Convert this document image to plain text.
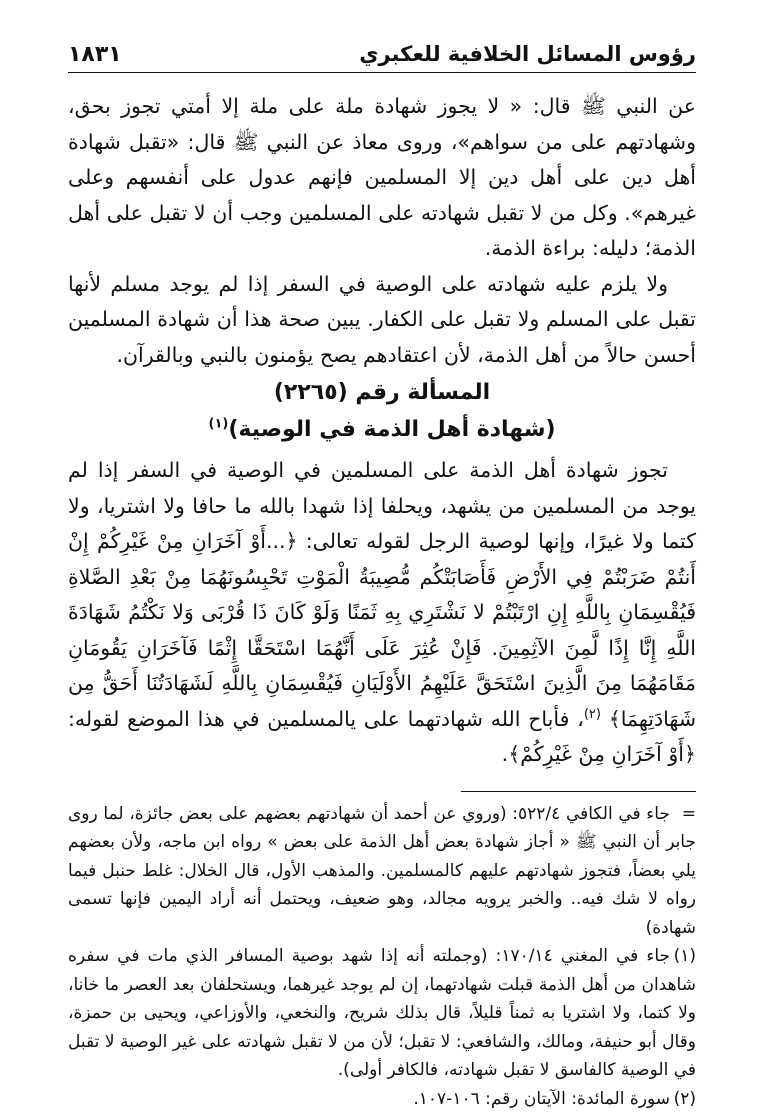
رؤوس المسائل الخلافية للعكبري
١٨٣١

عن النبي ﷺ قال: « لا يجوز شهادة ملة على ملة إلا أمتي تجوز بحق، وشهادتهم على من سواهم»، وروى معاذ عن النبي ﷺ قال: «تقبل شهادة أهل دين على أهل دين إلا المسلمين فإنهم عدول على أنفسهم وعلى غيرهم». وكل من لا تقبل شهادته على المسلمين وجب أن لا تقبل على أهل الذمة؛ دليله: براءة الذمة.

ولا يلزم عليه شهادته على الوصية في السفر إذا لم يوجد مسلم لأنها تقبل على المسلم ولا تقبل على الكفار. يبين صحة هذا أن شهادة المسلمين أحسن حالاً من أهل الذمة، لأن اعتقادهم يصح يؤمنون بالنبي وبالقرآن.

المسألة رقم (٢٢٦٥)
(شهادة أهل الذمة في الوصية)$^{(١)}$

تجوز شهادة أهل الذمة على المسلمين في الوصية في السفر إذا لم يوجد من المسلمين من يشهد، ويحلفا إذا شهدا بالله ما حافا ولا اشتريا، ولا كتما ولا غيرًا، وإنها لوصية الرجل لقوله تعالى: ﴿...أَوْ آخَرَانِ مِنْ غَيْرِكُمْ إِنْ أَنتُمْ ضَرَبْتُمْ فِي الأَرْضِ فَأَصَابَتْكُم مُّصِيبَةُ الْمَوْتِ تَحْبِسُونَهُمَا مِنْ بَعْدِ الصَّلاةِ فَيُقْسِمَانِ بِاللَّهِ إِنِ ارْتَبْتُمْ لا نَشْتَرِي بِهِ ثَمَنًا وَلَوْ كَانَ ذَا قُرْبَى وَلا نَكْتُمُ شَهَادَةَ اللَّهِ إِنَّا إِذًا لَّمِنَ الآثِمِينَ. فَإِنْ عُثِرَ عَلَى أَنَّهُمَا اسْتَحَقَّا إِثْمًا فَآخَرَانِ يَقُومَانِ مَقَامَهُمَا مِنَ الَّذِينَ اسْتَحَقَّ عَلَيْهِمُ الأَوْلَيَانِ فَيُقْسِمَانِ بِاللَّهِ لَشَهَادَتُنَا أَحَقُّ مِن شَهَادَتِهِمَا﴾ $^{(٢)}$، فأباح الله شهادتهما على يالمسلمين في هذا الموضع لقوله: ﴿أَوْ آخَرَانِ مِنْ غَيْرِكُمْ﴾.

=جاء في الكافي ٥٢٢/٤: (وروي عن أحمد أن شهادتهم بعضهم على بعض جائزة، لما روى جابر أن النبي ﷺ « أجاز شهادة بعض أهل الذمة على بعض » رواه ابن ماجه، ولأن بعضهم يلي بعضاً، فتجوز شهادتهم عليهم كالمسلمين. والمذهب الأول، قال الخلال: غلط حنبل فيما رواه لا شك فيه.. والخبر يرويه مجالد، وهو ضعيف، ويحتمل أنه أراد اليمين فإنها تسمى شهادة)

(١)جاء في المغني ١٧٠/١٤: (وجملته أنه إذا شهد بوصية المسافر الذي مات في سفره شاهدان من أهل الذمة قبلت شهادتهما، إن لم يوجد غيرهما، ويستحلفان بعد العصر ما خانا، ولا كتما، ولا اشتريا به ثمناً قليلاً، قال بذلك شريح، والنخعي، والأوزاعي، ويحيى بن حمزة، وقال أبو حنيفة، ومالك، والشافعي: لا تقبل؛ لأن من لا تقبل شهادته على غير الوصية لا تقبل في الوصية كالفاسق لا تقبل شهادته، فالكافر أولى).

(٢)سورة المائدة: الآيتان رقم: ١٠٦-١٠٧.
